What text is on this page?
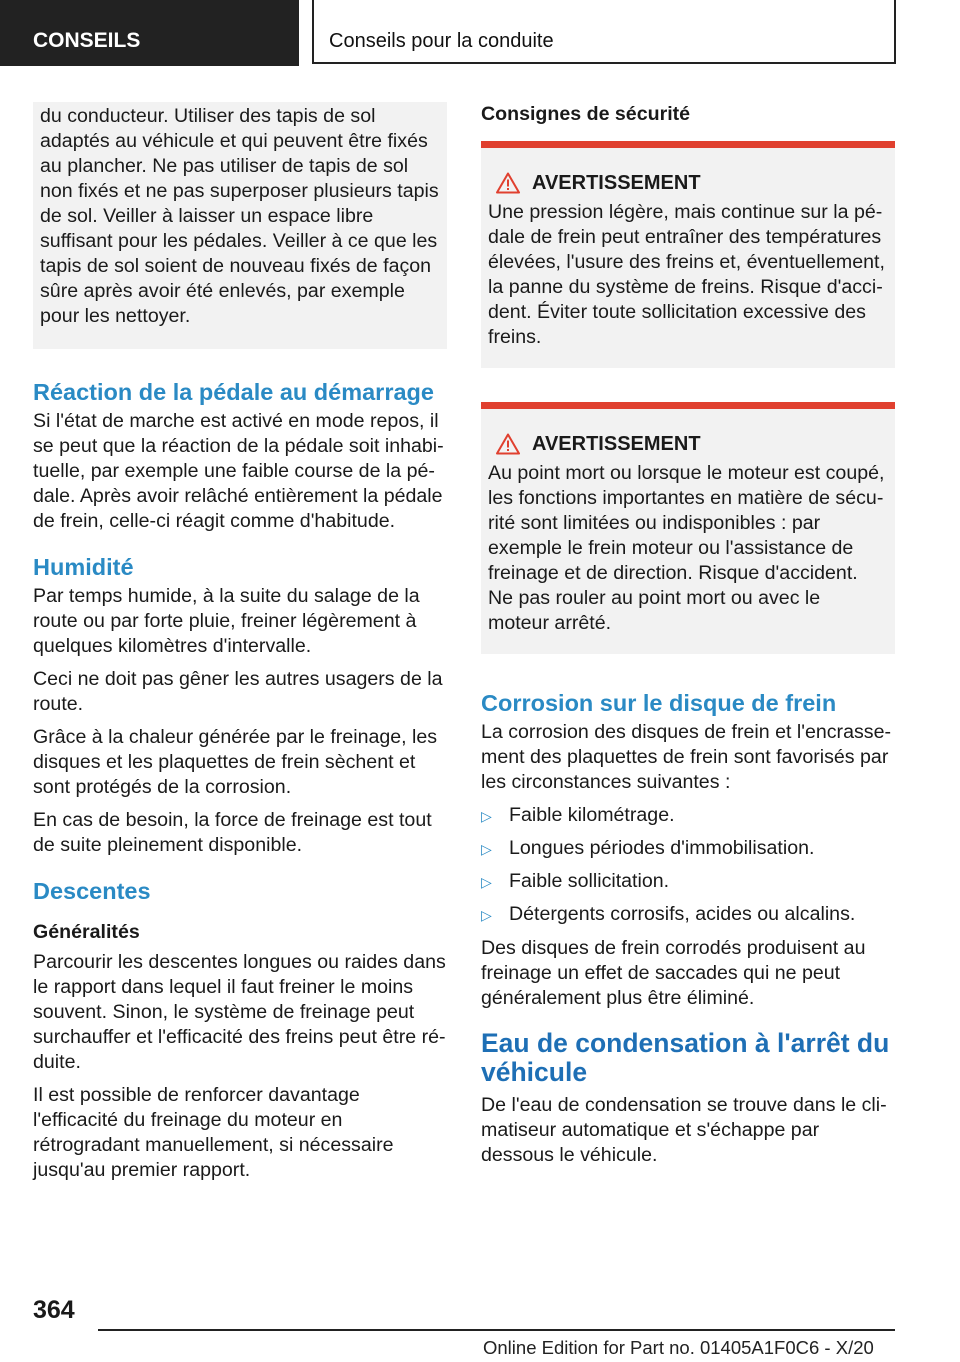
CONSEILS	Conseils pour la conduite

du conducteur. Utiliser des tapis de sol adaptés au véhicule et qui peuvent être fixés au plancher. Ne pas utiliser de tapis de sol non fixés et ne pas superposer plusieurs tapis de sol. Veiller à laisser un espace libre suffisant pour les pédales. Veiller à ce que les tapis de sol soient de nouveau fixés de façon sûre après avoir été enlevés, par exemple pour les nettoyer.

Réaction de la pédale au démarrage

Si l'état de marche est activé en mode repos, il se peut que la réaction de la pédale soit inhabituelle, par exemple une faible course de la pédale. Après avoir relâché entièrement la pédale de frein, celle-ci réagit comme d'habitude.

Humidité

Par temps humide, à la suite du salage de la route ou par forte pluie, freiner légèrement à quelques kilomètres d'intervalle.

Ceci ne doit pas gêner les autres usagers de la route.

Grâce à la chaleur générée par le freinage, les disques et les plaquettes de frein sèchent et sont protégés de la corrosion.

En cas de besoin, la force de freinage est tout de suite pleinement disponible.

Descentes
Généralités

Parcourir les descentes longues ou raides dans le rapport dans lequel il faut freiner le moins souvent. Sinon, le système de freinage peut surchauffer et l'efficacité des freins peut être réduite.

Il est possible de renforcer davantage l'efficacité du freinage du moteur en rétrogradant manuellement, si nécessaire jusqu'au premier rapport.

Consignes de sécurité
AVERTISSEMENT

Une pression légère, mais continue sur la pédale de frein peut entraîner des températures élevées, l'usure des freins et, éventuellement, la panne du système de freins. Risque d'accident. Éviter toute sollicitation excessive des freins.

AVERTISSEMENT

Au point mort ou lorsque le moteur est coupé, les fonctions importantes en matière de sécurité sont limitées ou indisponibles : par exemple le frein moteur ou l'assistance de freinage et de direction. Risque d'accident. Ne pas rouler au point mort ou avec le moteur arrêté.

Corrosion sur le disque de frein

La corrosion des disques de frein et l'encrassement des plaquettes de frein sont favorisés par les circonstances suivantes :

▷ Faible kilométrage.
▷ Longues périodes d'immobilisation.
▷ Faible sollicitation.
▷ Détergents corrosifs, acides ou alcalins.

Des disques de frein corrodés produisent au freinage un effet de saccades qui ne peut généralement plus être éliminé.

Eau de condensation à l'arrêt du véhicule

De l'eau de condensation se trouve dans le climatiseur automatique et s'échappe par dessous le véhicule.

364
Online Edition for Part no. 01405A1F0C6 - X/20
